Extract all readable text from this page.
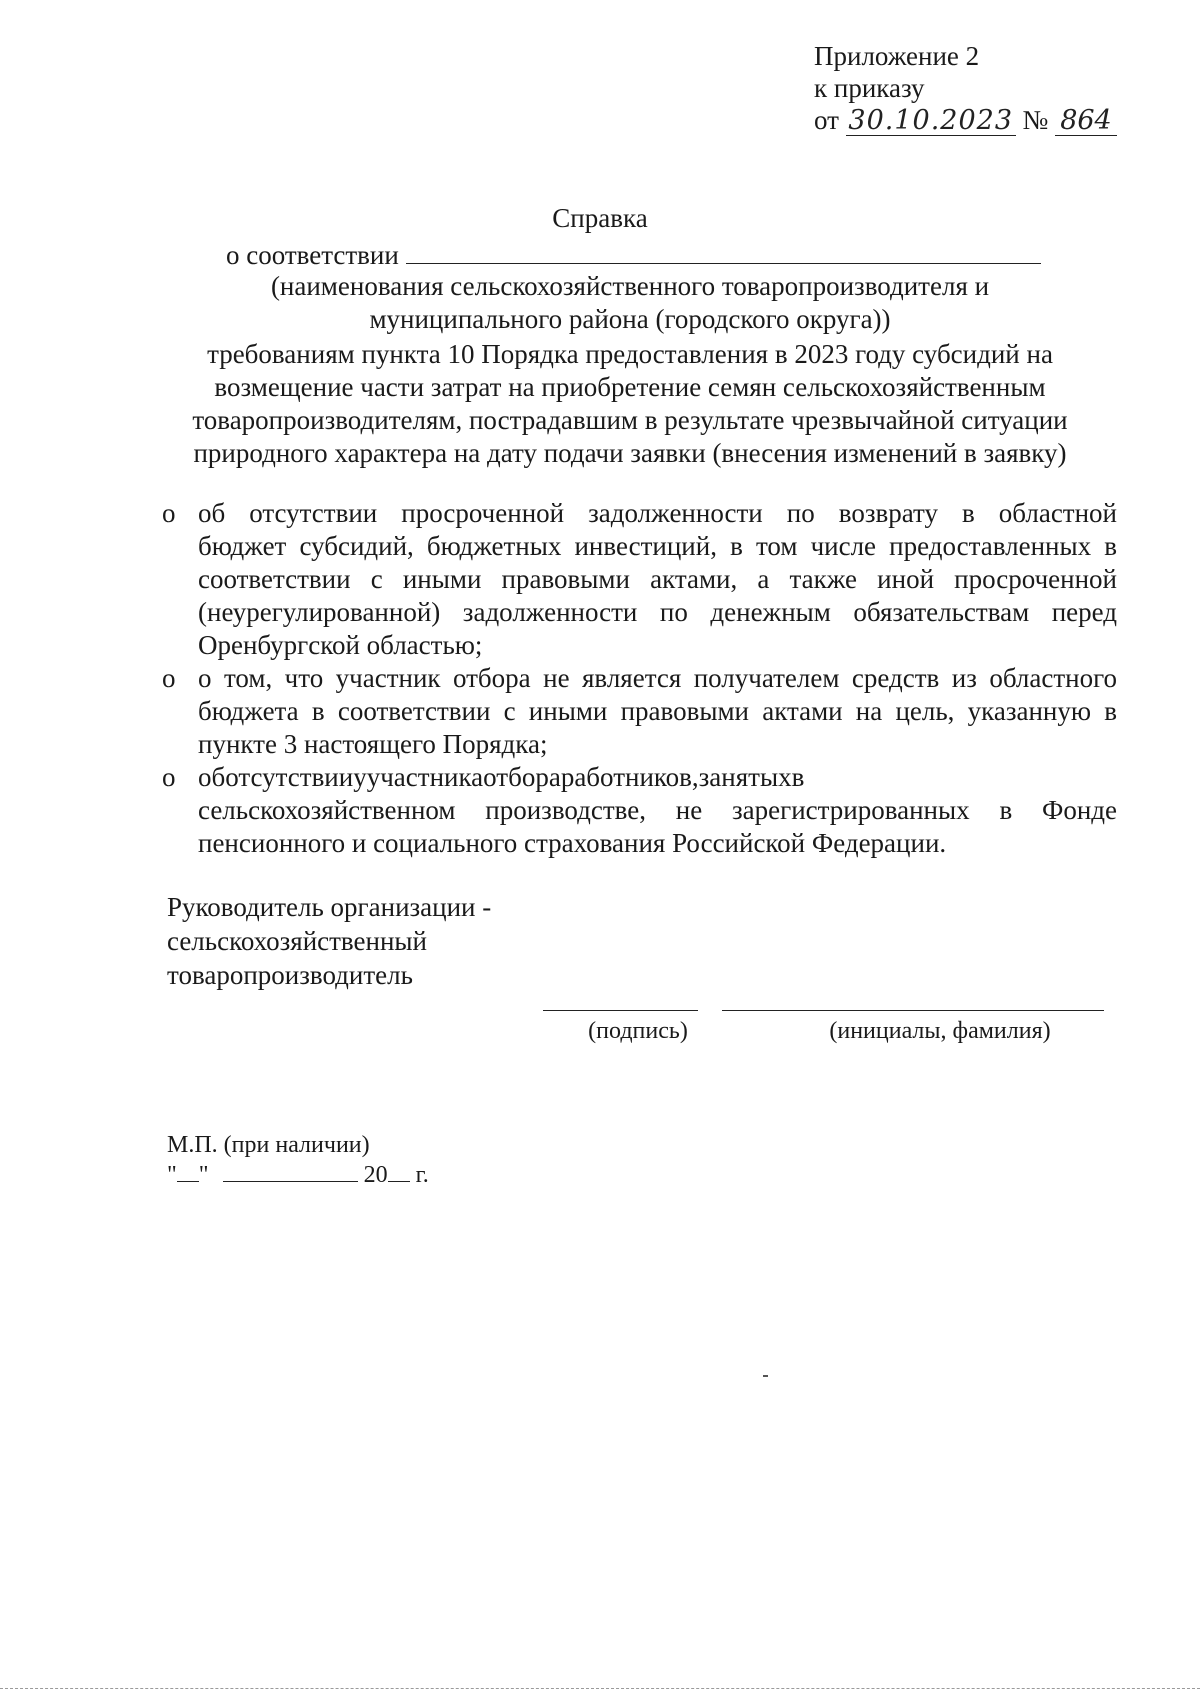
Приложение 2
к приказу
от 30.10.2023 № 864
Справка
о соответствии
(наименования сельскохозяйственного товаропроизводителя и
муниципального района (городского округа))
требованиям пункта 10 Порядка предоставления в 2023 году субсидий на
возмещение части затрат на приобретение семян сельскохозяйственным
товаропроизводителям, пострадавшим в результате чрезвычайной ситуации
природного характера на дату подачи заявки (внесения изменений в заявку)
o об отсутствии просроченной задолженности по возврату в областной
бюджет субсидий, бюджетных инвестиций, в том числе предоставленных в
соответствии с иными правовыми актами, а также иной просроченной
(неурегулированной) задолженности по денежным обязательствам перед
Оренбургской областью;
o о том, что участник отбора не является получателем средств из областного
бюджета в соответствии с иными правовыми актами на цель, указанную в
пункте 3 настоящего Порядка;
o оботсутствииуучастникаотбораработников,занятыхв
сельскохозяйственном производстве, не зарегистрированных в Фонде
пенсионного и социального страхования Российской Федерации.
Руководитель организации -
сельскохозяйственный
товаропроизводитель
(подпись)	(инициалы, фамилия)
М.П. (при наличии)
" "	20 г.
